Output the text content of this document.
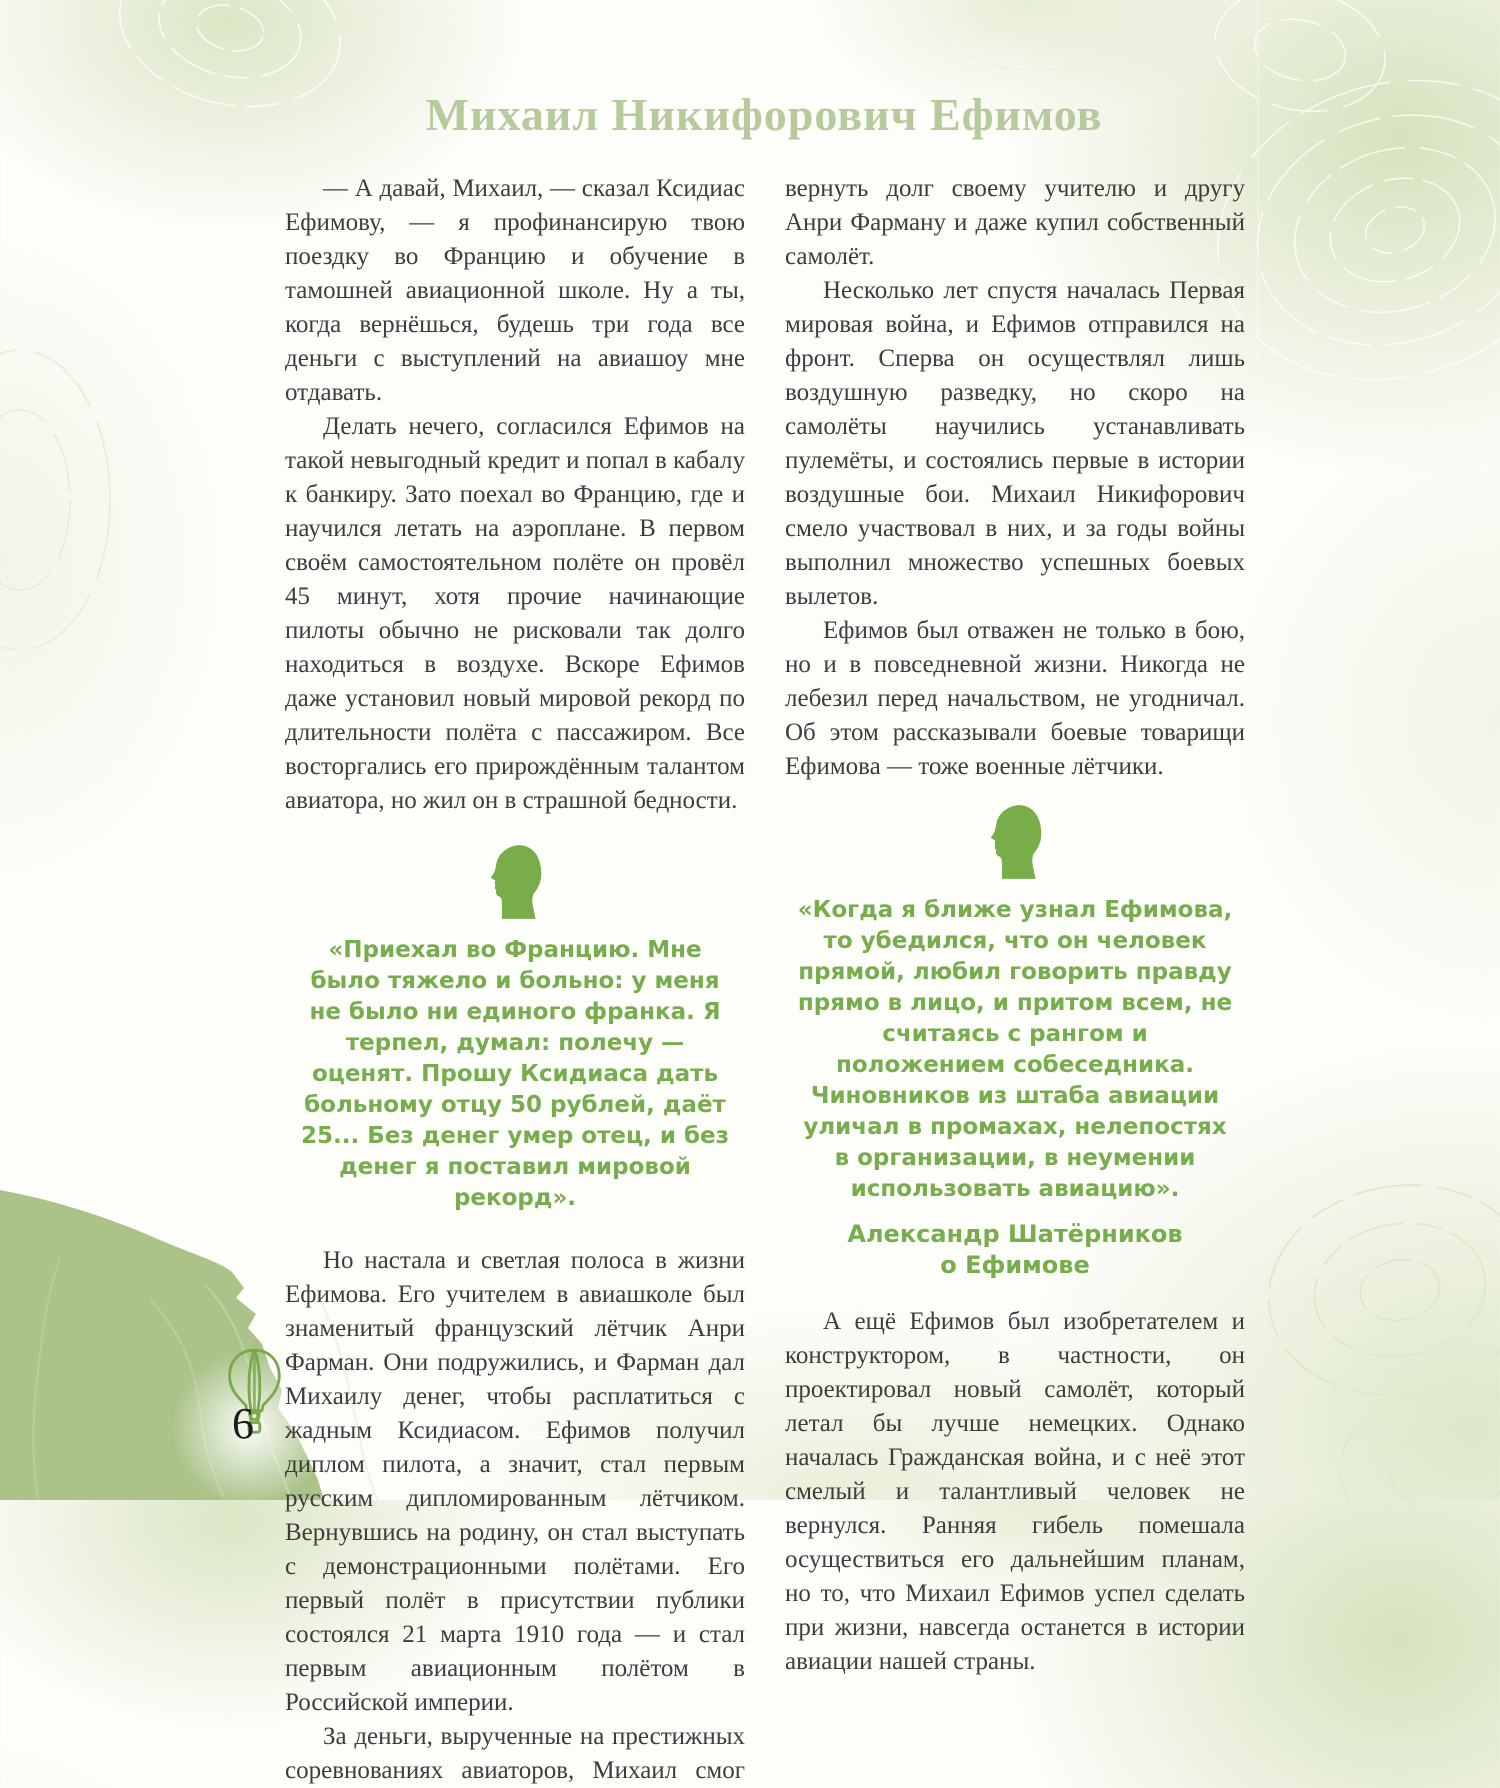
Михаил Никифорович Ефимов

— А давай, Михаил, — сказал Ксидиас Ефимову, — я профинансирую твою поездку во Францию и обучение в тамошней авиационной школе. Ну а ты, когда вернёшься, будешь три года все деньги с выступлений на авиашоу мне отдавать.

Делать нечего, согласился Ефимов на такой невыгодный кредит и попал в кабалу к банкиру. Зато поехал во Францию, где и научился летать на аэроплане. В первом своём самостоятельном полёте он провёл 45 минут, хотя прочие начинающие пилоты обычно не рисковали так долго находиться в воздухе. Вскоре Ефимов даже установил новый мировой рекорд по длительности полёта с пассажиром. Все восторгались его прирождённым талантом авиатора, но жил он в страшной бедности.

«Приехал во Францию. Мне было тяжело и больно: у меня не было ни единого франка. Я терпел, думал: полечу — оценят. Прошу Ксидиаса дать больному отцу 50 рублей, даёт 25... Без денег умер отец, и без денег я поставил мировой рекорд».

Но настала и светлая полоса в жизни Ефимова. Его учителем в авиашколе был знаменитый французский лётчик Анри Фарман. Они подружились, и Фарман дал Михаилу денег, чтобы расплатиться с жадным Ксидиасом. Ефимов получил диплом пилота, а значит, стал первым русским дипломированным лётчиком. Вернувшись на родину, он стал выступать с демонстрационными полётами. Его первый полёт в присутствии публики состоялся 21 марта 1910 года — и стал первым авиационным полётом в Российской империи.

За деньги, вырученные на престижных соревнованиях авиаторов, Михаил смог

вернуть долг своему учителю и другу Анри Фарману и даже купил собственный самолёт.

Несколько лет спустя началась Первая мировая война, и Ефимов отправился на фронт. Сперва он осуществлял лишь воздушную разведку, но скоро на самолёты научились устанавливать пулемёты, и состоялись первые в истории воздушные бои. Михаил Никифорович смело участвовал в них, и за годы войны выполнил множество успешных боевых вылетов.

Ефимов был отважен не только в бою, но и в повседневной жизни. Никогда не лебезил перед начальством, не угодничал. Об этом рассказывали боевые товарищи Ефимова — тоже военные лётчики.

«Когда я ближе узнал Ефимова, то убедился, что он человек прямой, любил говорить правду прямо в лицо, и притом всем, не считаясь с рангом и положением собеседника. Чиновников из штаба авиации уличал в промахах, нелепостях в организации, в неумении использовать авиацию».
Александр Шатёрников
о Ефимове

А ещё Ефимов был изобретателем и конструктором, в частности, он проектировал новый самолёт, который летал бы лучше немецких. Однако началась Гражданская война, и с неё этот смелый и талантливый человек не вернулся. Ранняя гибель помешала осуществиться его дальнейшим планам, но то, что Михаил Ефимов успел сделать при жизни, навсегда останется в истории авиации нашей страны.

6
